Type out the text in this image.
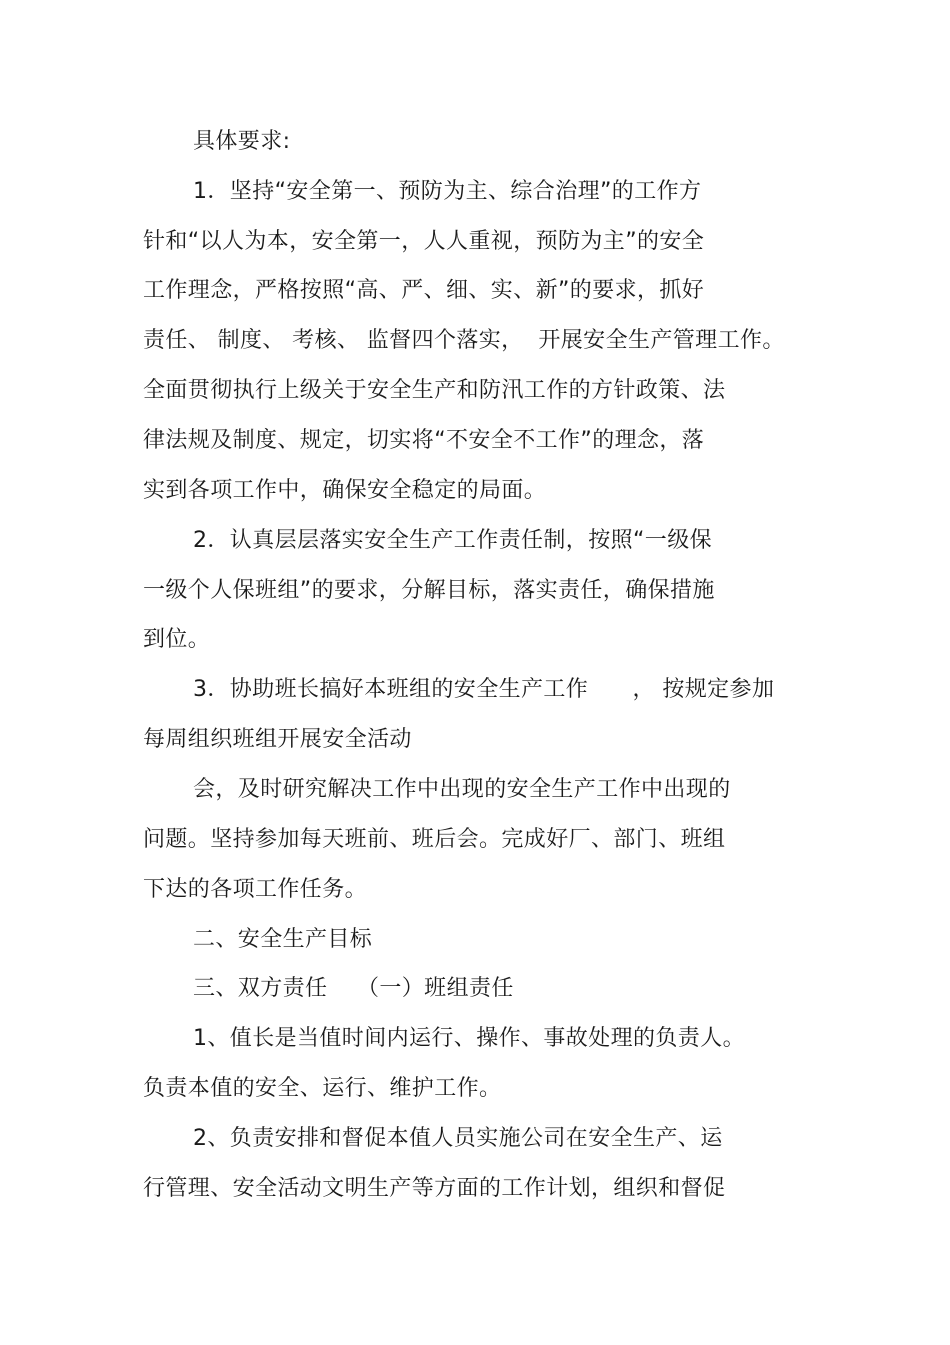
具体要求:
1．坚持“安全第一、预防为主、综合治理”的工作方
针和“以人为本，安全第一，人人重视，预防为主”的安全
工作理念，严格按照“高、严、细、实、新”的要求，抓好
责任、 制度、 考核、 监督四个落实，  开展安全生产管理工作。
全面贯彻执行上级关于安全生产和防汛工作的方针政策、法
律法规及制度、规定，切实将“不安全不工作”的理念，落
实到各项工作中，确保安全稳定的局面。
2．认真层层落实安全生产工作责任制，按照“一级保
一级个人保班组”的要求，分解目标，落实责任，确保措施
到位。
3．协助班长搞好本班组的安全生产工作      ， 按规定参加
每周组织班组开展安全活动
会，及时研究解决工作中出现的安全生产工作中出现的
问题。坚持参加每天班前、班后会。完成好厂、部门、班组
下达的各项工作任务。
二、安全生产目标
三、双方责任    （一）班组责任
1、值长是当值时间内运行、操作、事故处理的负责人。
负责本值的安全、运行、维护工作。
2、负责安排和督促本值人员实施公司在安全生产、运
行管理、安全活动文明生产等方面的工作计划，组织和督促
